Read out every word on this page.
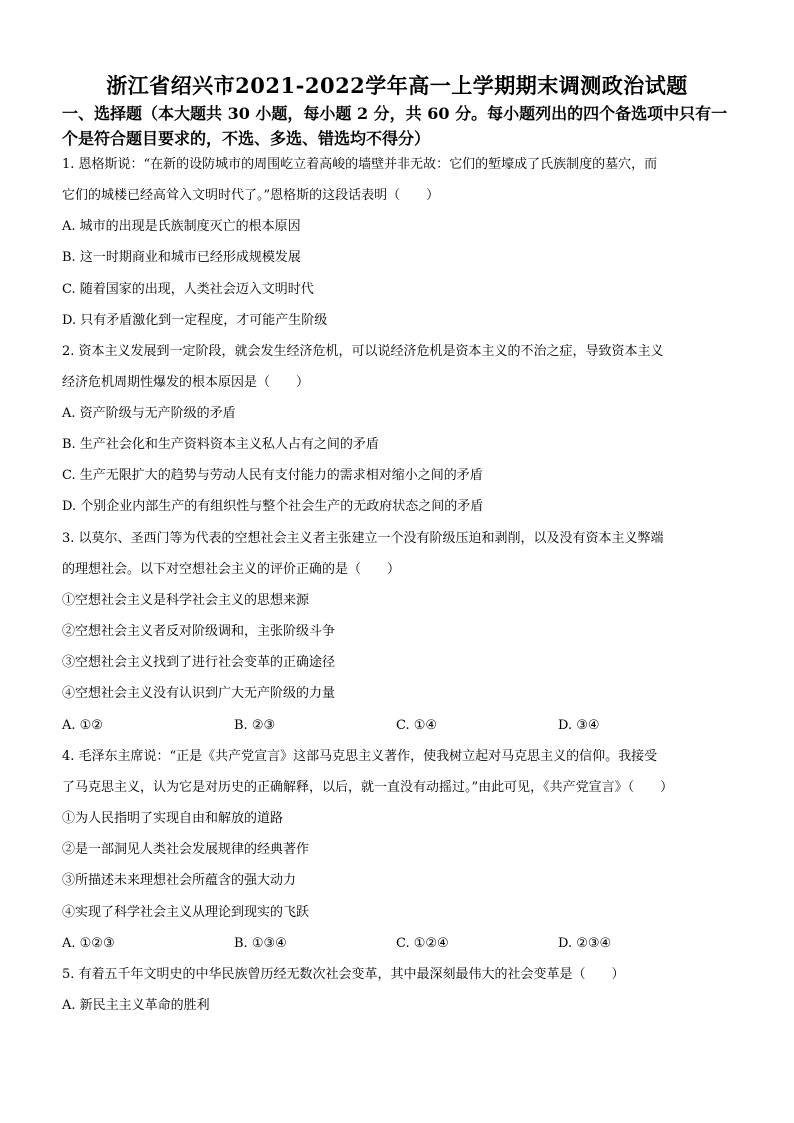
浙江省绍兴市2021-2022学年高一上学期期末调测政治试题
一、选择题（本大题共 30 小题，每小题 2 分，共 60 分。每小题列出的四个备选项中只有一
个是符合题目要求的，不选、多选、错选均不得分）
1. 恩格斯说：“在新的设防城市的周围屹立着高峻的墙壁并非无故：它们的堑壕成了氏族制度的墓穴，而
它们的城楼已经高耸入文明时代了。”恩格斯的这段话表明（　　）
A. 城市的出现是氏族制度灭亡的根本原因
B. 这一时期商业和城市已经形成规模发展
C. 随着国家的出现，人类社会迈入文明时代
D. 只有矛盾激化到一定程度，才可能产生阶级
2. 资本主义发展到一定阶段，就会发生经济危机，可以说经济危机是资本主义的不治之症，导致资本主义
经济危机周期性爆发的根本原因是（　　）
A. 资产阶级与无产阶级的矛盾
B. 生产社会化和生产资料资本主义私人占有之间的矛盾
C. 生产无限扩大的趋势与劳动人民有支付能力的需求相对缩小之间的矛盾
D. 个别企业内部生产的有组织性与整个社会生产的无政府状态之间的矛盾
3. 以莫尔、圣西门等为代表的空想社会主义者主张建立一个没有阶级压迫和剥削，以及没有资本主义弊端
的理想社会。以下对空想社会主义的评价正确的是（　　）
①空想社会主义是科学社会主义的思想来源
②空想社会主义者反对阶级调和，主张阶级斗争
③空想社会主义找到了进行社会变革的正确途径
④空想社会主义没有认识到广大无产阶级的力量
A. ①②	B. ②③	C. ①④	D. ③④
4. 毛泽东主席说：“正是《共产党宣言》这部马克思主义著作，使我树立起对马克思主义的信仰。我接受
了马克思主义，认为它是对历史的正确解释，以后，就一直没有动摇过。”由此可见，《共产党宣言》（　　）
①为人民指明了实现自由和解放的道路
②是一部洞见人类社会发展规律的经典著作
③所描述未来理想社会所蕴含的强大动力
④实现了科学社会主义从理论到现实的飞跃
A. ①②③	B. ①③④	C. ①②④	D. ②③④
5. 有着五千年文明史的中华民族曾历经无数次社会变革，其中最深刻最伟大的社会变革是（　　）
A. 新民主主义革命的胜利
